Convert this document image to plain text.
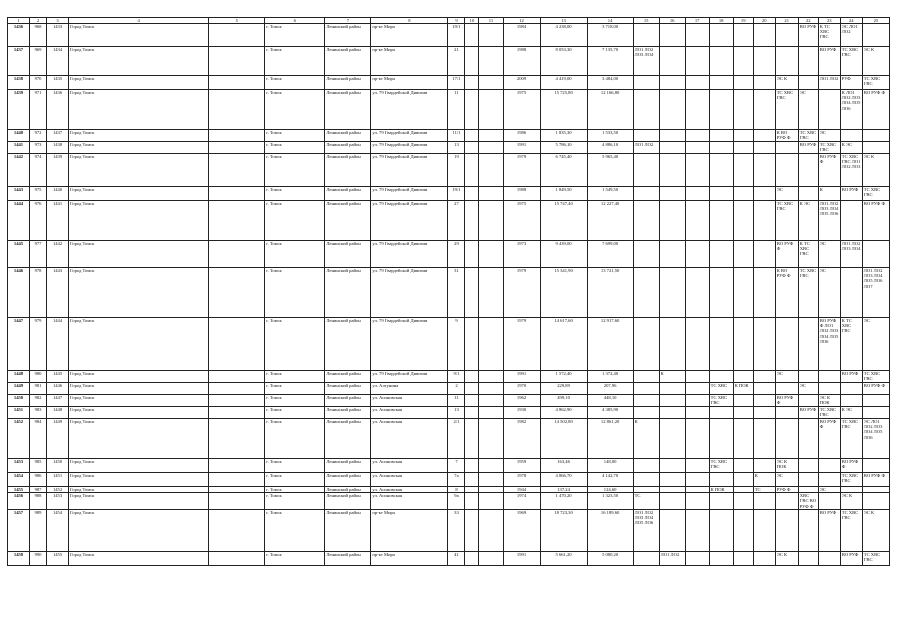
1	2	3	4	5	6	7	8	9	10	11	12	13	14	15	16	17	18	19	20	21	22	23	24	25
1436	968	1433	Город Томск		г. Томск	Ленинский район	пр-кт Мира	19/1			1984	4 238,00	3 718,00								ВО РУФ	К ТС ХВС ГВС	ЭС ЛО1 ЛО2	
1437	969	1434	Город Томск		г. Томск	Ленинский район	пр-кт Мира	21			1988	8 053,30	7 135,70	ЛО1 ЛО2 ЛО3 ЛО4								ВО РУФ	ТС ХВС ГВС	ЭС К
1438	970	1435	Город Томск		г. Томск	Ленинский район	пр-кт Мира	17/1			2009	4 419,00	3 484,00							ЭС К		ЛО1 ЛО2	РУФ	ТС ХВС ГВС
1439	971	1436	Город Томск		г. Томск	Ленинский район	ул. 79 Гвардейской Дивизии	11			1975	15 725,80	12 166,80							ТС ХВС ГВС	ЭС		К ЛО1 ЛО2 ЛО3 ЛО4 ЛО5 ЛО6	ВО РУФ Ф
1440	972	1437	Город Томск		г. Томск	Ленинский район	ул. 79 Гвардейской Дивизии	11/1			1986	1 835,30	1 533,50							К ВО РУФ Ф	ТС ХВС ГВС	ЭС		
1441	973	1438	Город Томск		г. Томск	Ленинский район	ул. 79 Гвардейской Дивизии	13			1991	5 786,10	4 886,10	ЛО1 ЛО2							ВО РУФ	ТС ХВС ГВС	К ЭС	
1442	974	1439	Город Томск		г. Томск	Ленинский район	ул. 79 Гвардейской Дивизии	19			1979	6 745,40	5 965,40									ВО РУФ Ф	ТС ХВС ГВС ЛО1 ЛО2 ЛО3	ЭС К
1443	975	1440	Город Томск		г. Томск	Ленинский район	ул. 79 Гвардейской Дивизии	19/1			1988	1 849,50	1 549,50							ЭС		К	ВО РУФ	ТС ХВС ГВС
1444	976	1441	Город Томск		г. Томск	Ленинский район	ул. 79 Гвардейской Дивизии	27			1975	15 747,40	12 227,40							ТС ХВС ГВС	К ЭС	ЛО1 ЛО2 ЛО3 ЛО4 ЛО5 ЛО6		ВО РУФ Ф
1445	977	1442	Город Томск		г. Томск	Ленинский район	ул. 79 Гвардейской Дивизии	29			1973	9 439,00	7 699,00							ВО РУФ Ф	К ТС ХВС ГВС	ЭС	ЛО1 ЛО2 ЛО3 ЛО4	
1446	978	1443	Город Томск		г. Томск	Ленинский район	ул. 79 Гвардейской Дивизии	31			1979	15 341,90	13 721,50							К ВО РУФ Ф	ТС ХВС ГВС	ЭС		ЛО1 ЛО2 ЛО3 ЛО4 ЛО5 ЛО6 ЛО7
1447	979	1444	Город Томск		г. Томск	Ленинский район	ул. 79 Гвардейской Дивизии	9			1979	14 617,60	12 917,60									ВО РУФ Ф ЛО1 ЛО2 ЛО3 ЛО4 ЛО5 ЛО6	К ТС ХВС ГВС	ЭС
1448	980	1445	Город Томск		г. Томск	Ленинский район	ул. 79 Гвардейской Дивизии	9/1			1991	1 572,40	1 372,40		К					ЭС			ВО РУФ	ТС ХВС ГВС
1449	981	1446	Город Томск		г. Томск	Ленинский район	ул. Алтунина	2			1970	229,89	207,96				ТС ХВС	К ПОК			ЭС			ВО РУФ Ф
1450	982	1447	Город Томск		г. Томск	Ленинский район	ул. Асиновская	11			1962	499,10	448,10				ТС ХВС ГВС			ВО РУФ Ф		ЭС К ПОК		
1451	983	1448	Город Томск		г. Томск	Ленинский район	ул. Асиновская	13			1930	4 862,90	4 385,90								ВО РУФ	ТС ХВС ГВС	К ЭС	
1452	984	1449	Город Томск		г. Томск	Ленинский район	ул. Асиновская	2/1			1982	14 502,80	12 861,20	К								ВО РУФ Ф	ТС ХВС ГВС	ЭС ЛО1 ЛО2 ЛО3 ЛО4 ЛО5 ЛО6
1453	985	1450	Город Томск		г. Томск	Ленинский район	ул. Асиновская	7			1959	163,46	148,00				ТС ХВС ГВС			ЭС К ПОК			ВО РУФ Ф	
1454	986	1451	Город Томск		г. Томск	Ленинский район	ул. Асиновская	7а			1978	4 866,70	4 142,70						К	ЭС			ТС ХВС ГВС	ВО РУФ Ф
1455	987	1452	Город Томск		г. Томск	Ленинский район	ул. Асиновская	8			1944	137,24	124,60				К ПОК		ТС	РУФ Ф		ЭС		
1456	988	1453	Город Томск		г. Томск	Ленинский район	ул. Асиновская	9а			1974	1 470,20	1 323,50	ТС							ХВС ГВС ВО РУФ Ф		ЭС К	
1457	989	1454	Город Томск		г. Томск	Ленинский район	пр-кт Мира	33			1969	18 723,30	16 189,60	ЛО1 ЛО2 ЛО3 ЛО4 ЛО5 ЛО6								ВО РУФ	ТС ХВС ГВС	ЭС К
1458	990	1455	Город Томск		г. Томск	Ленинский район	пр-кт Мира	41			1991	5 661,20	5 080,20		ЛО1 ЛО2					ЭС К			ВО РУФ	ТС ХВС ГВС
